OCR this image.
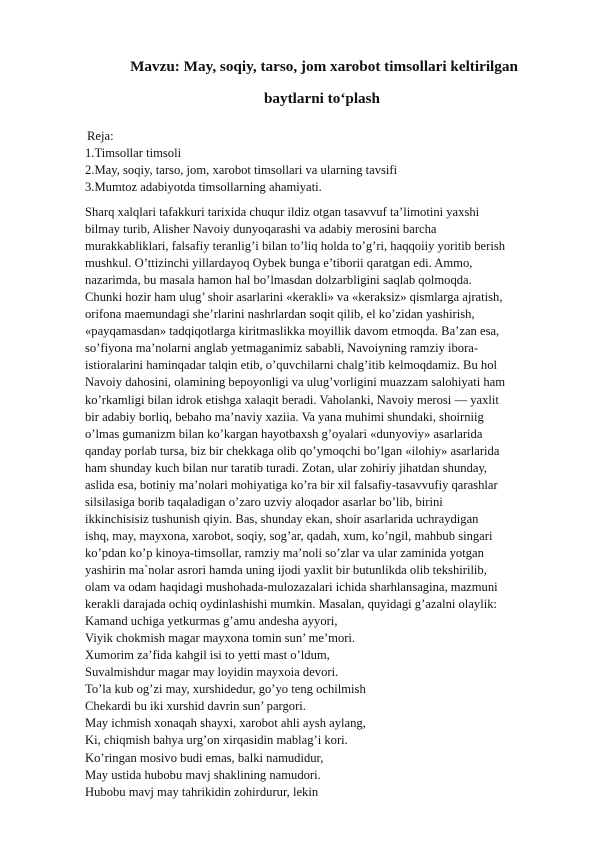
Mavzu: May, soqiy, tarso, jom xarobot timsollari keltirilgan
baytlarni to‘plash
Reja:
1.Timsollar timsoli
2.May, soqiy, tarso, jom, xarobot timsollari va ularning tavsifi
3.Mumtoz adabiyotda timsollarning ahamiyati.
Sharq xalqlari tafakkuri tarixida chuqur ildiz otgan tasavvuf ta’limotini yaxshi
bilmay turib, Alisher Navoiy dunyoqarashi va adabiy merosini barcha
murakkabliklari, falsafiy teranlig’i bilan to’liq holda to’g’ri, haqqoiiy yoritib berish
mushkul. O’ttizinchi yillardayoq Oybek bunga e’tiborii qaratgan edi. Ammo,
nazarimda, bu masala hamon hal bo’lmasdan dolzarbligini saqlab qolmoqda.
Chunki hozir ham ulug’ shoir asarlarini «kerakli» va «keraksiz» qismlarga ajratish,
orifona maemundagi she’rlarini nashrlardan soqit qilib, el ko’zidan yashirish,
«payqamasdan» tadqiqotlarga kiritmaslikka moyillik davom etmoqda. Ba’zan esa,
so’fiyona ma’nolarni anglab yetmaganimiz sababli, Navoiyning ramziy ibora-
istioralarini haminqadar talqin etib, o’quvchilarni chalg’itib kelmoqdamiz. Bu hol
Navoiy dahosini, olamining bepoyonligi va ulug’vorligini muazzam salohiyati ham
ko’rkamligi bilan idrok etishga xalaqit beradi. Vaholanki, Navoiy merosi — yaxlit
bir adabiy borliq, bebaho ma’naviy xaziia. Va yana muhimi shundaki, shoirniig
o’lmas gumanizm bilan ko’kargan hayotbaxsh g’oyalari «dunyoviy» asarlarida
qanday porlab tursa, biz bir chekkaga olib qo’ymoqchi bo’lgan «ilohiy» asarlarida
ham shunday kuch bilan nur taratib turadi. Zotan, ular zohiriy jihatdan shunday,
aslida esa, botiniy ma’nolari mohiyatiga ko’ra bir xil falsafiy-tasavvufiy qarashlar
silsilasiga borib taqaladigan o’zaro uzviy aloqador asarlar bo’lib, birini
ikkinchisisiz tushunish qiyin. Bas, shunday ekan, shoir asarlarida uchraydigan
ishq, may, mayxona, xarobot, soqiy, sog’ar, qadah, xum, ko’ngil, mahbub singari
ko’pdan ko’p kinoya-timsollar, ramziy ma’noli so’zlar va ular zaminida yotgan
yashirin ma`nolar asrori hamda uning ijodi yaxlit bir butunlikda olib tekshirilib,
olam va odam haqidagi mushohada-mulozazalari ichida sharhlansagina, mazmuni
kerakli darajada ochiq oydinlashishi mumkin. Masalan, quyidagi g’azalni olaylik:
Kamand uchiga yetkurmas g’amu andesha ayyori,
Viyik chokmish magar mayxona tomin sun’ me’mori.
Xumorim za’fida kahgil isi to yetti mast o’ldum,
Suvalmishdur magar may loyidin mayxoia devori.
To’la kub og’zi may, xurshidedur, go’yo teng ochilmish
Chekardi bu iki xurshid davrin sun’ pargori.
May ichmish xonaqah shayxi, xarobot ahli aysh aylang,
Ki, chiqmish bahya urg’on xirqasidin mablag’i kori.
Ko’ringan mosivo budi emas, balki namudidur,
May ustida hubobu mavj shaklining namudori.
Hubobu mavj may tahrikidin zohirdurur, lekin
